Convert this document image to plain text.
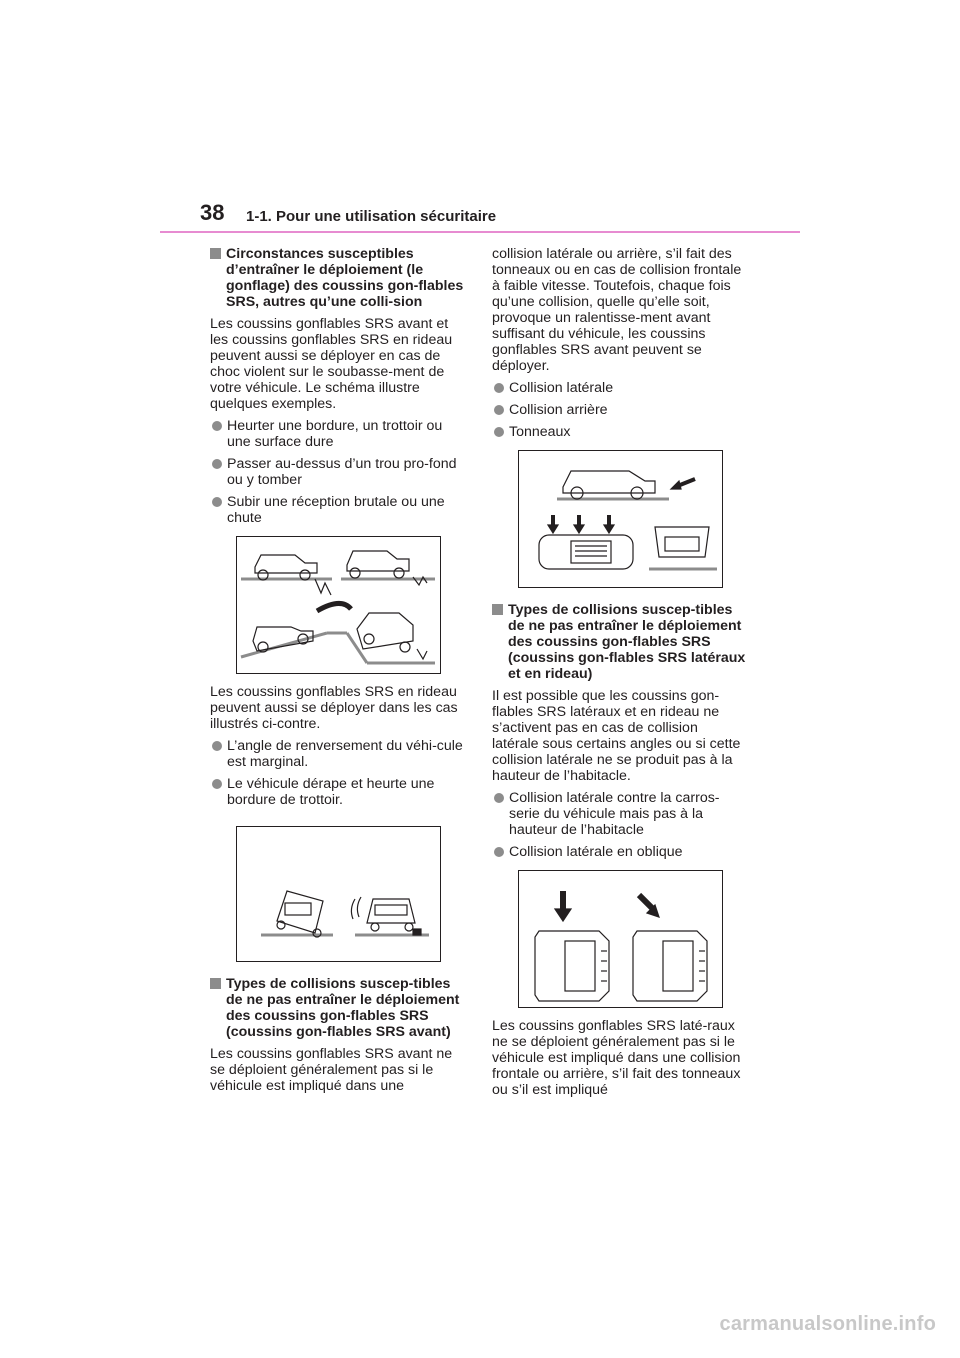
38 1-1. Pour une utilisation sécuritaire
Circonstances susceptibles d’entraîner le déploiement (le gonflage) des coussins gon-flables SRS, autres qu’une colli-sion

Les coussins gonflables SRS avant et les coussins gonflables SRS en rideau peuvent aussi se déployer en cas de choc violent sur le soubasse-ment de votre véhicule. Le schéma illustre quelques exemples.

Heurter une bordure, un trottoir ou une surface dure
Passer au-dessus d’un trou pro-fond ou y tomber
Subir une réception brutale ou une chute

Les coussins gonflables SRS en rideau peuvent aussi se déployer dans les cas illustrés ci-contre.

L’angle de renversement du véhi-cule est marginal.
Le véhicule dérape et heurte une bordure de trottoir.
Types de collisions suscep-tibles de ne pas entraîner le déploiement des coussins gon-flables SRS (coussins gon-flables SRS avant)

Les coussins gonflables SRS avant ne se déploient généralement pas si le véhicule est impliqué dans une

collision latérale ou arrière, s’il fait des tonneaux ou en cas de collision frontale à faible vitesse. Toutefois, chaque fois qu’une collision, quelle qu’elle soit, provoque un ralentisse-ment avant suffisant du véhicule, les coussins gonflables SRS avant peuvent se déployer.

Collision latérale
Collision arrière
Tonneaux
Types de collisions suscep-tibles de ne pas entraîner le déploiement des coussins gon-flables SRS (coussins gon-flables SRS latéraux et en rideau)

Il est possible que les coussins gon-flables SRS latéraux et en rideau ne s’activent pas en cas de collision latérale sous certains angles ou si cette collision latérale ne se produit pas à la hauteur de l’habitacle.

Collision latérale contre la carros-serie du véhicule mais pas à la hauteur de l’habitacle
Collision latérale en oblique

Les coussins gonflables SRS laté-raux ne se déploient généralement pas si le véhicule est impliqué dans une collision frontale ou arrière, s’il fait des tonneaux ou s’il est impliqué

carmanualsonline.info
